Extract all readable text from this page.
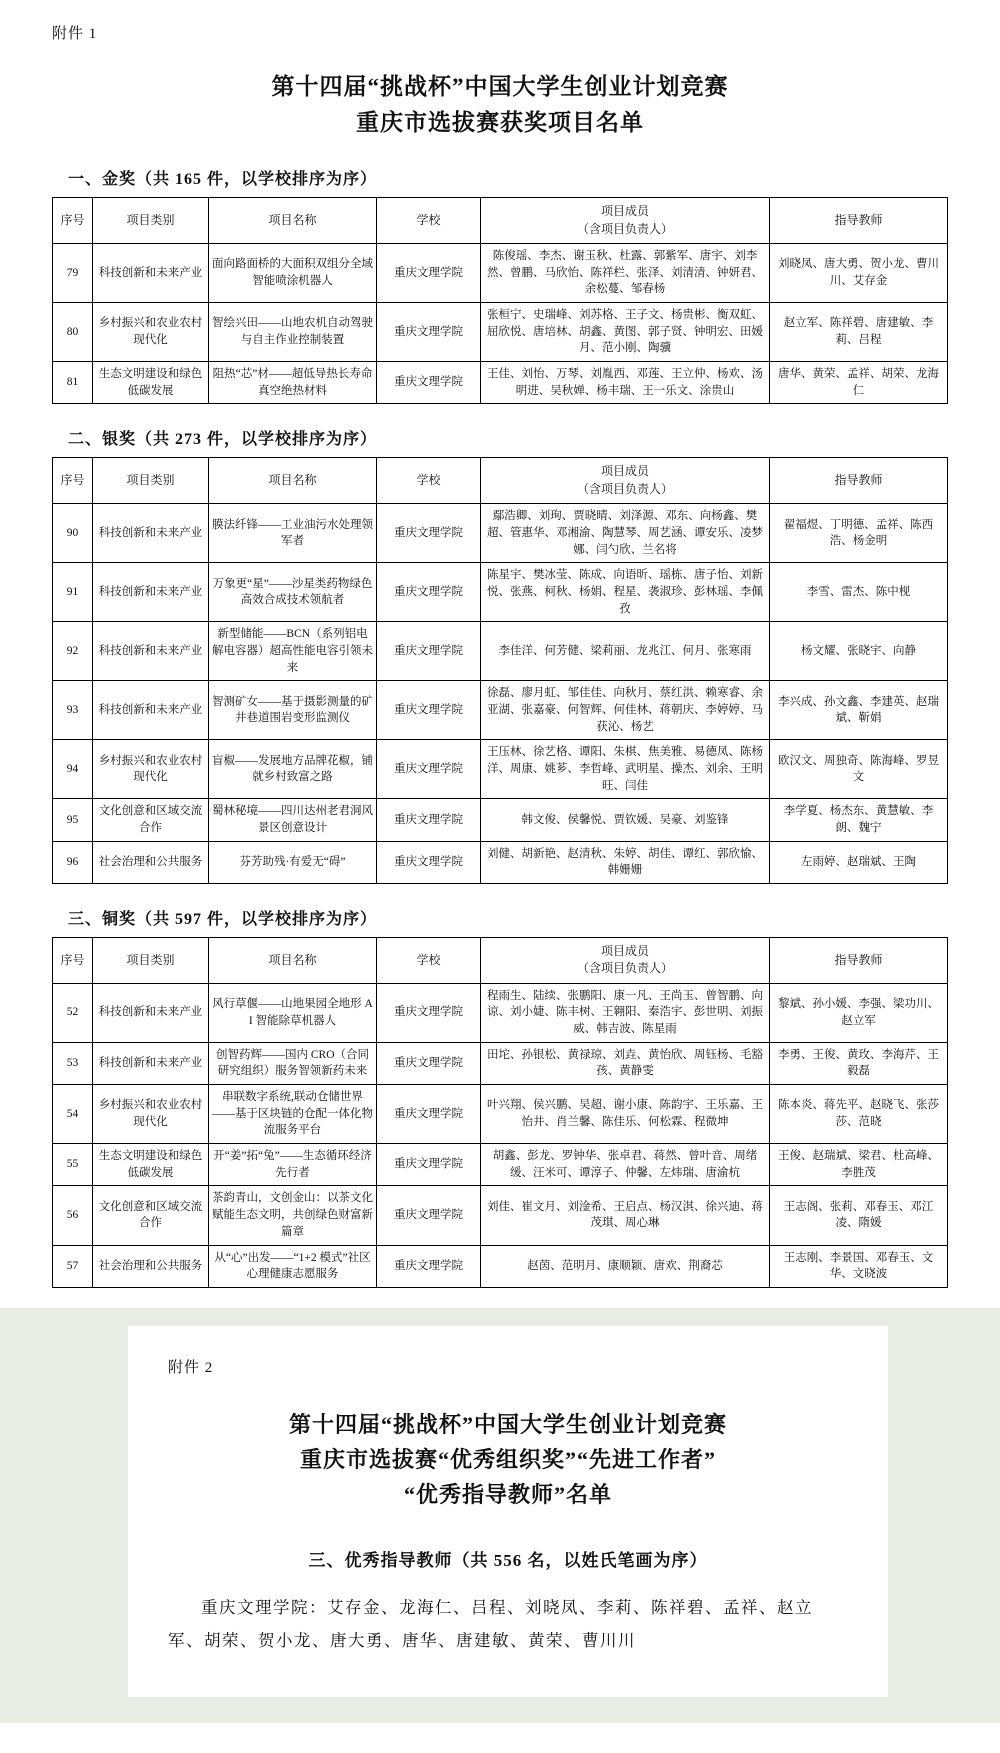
附件 1
第十四届“挑战杯”中国大学生创业计划竞赛
重庆市选拔赛获奖项目名单
一、金奖（共 165 件，以学校排序为序）
序号	项目类别	项目名称	学校	项目成员
（含项目负责人）	指导教师
79	科技创新和未来产业	面向路面桥的大面积双组分全域智能喷涂机器人	重庆文理学院	陈俊瑶、李杰、谢玉秋、杜露、郭紫军、唐宇、刘李然、曾鹏、马欣怡、陈祥栏、张泽、刘清清、钟妍君、余松蔓、邹春杨	刘晓凤、唐大勇、贺小龙、曹川川、艾存金
80	乡村振兴和农业农村现代化	智绘兴田——山地农机自动驾驶与自主作业控制装置	重庆文理学院	张桓宁、史瑞峰、刘苏格、王子文、杨贵彬、衡双虹、屈欣悦、唐培林、胡鑫、黄图、郭子贤、钟明宏、田媛月、范小刚、陶骥	赵立军、陈祥碧、唐建敏、李莉、吕程
81	生态文明建设和绿色低碳发展	阻热“芯”材——超低导热长寿命真空绝热材料	重庆文理学院	王佳、刘怡、万琴、刘胤西、邓莲、王立仲、杨欢、汤明进、吴秋婵、杨丰瑞、王一乐文、涂贵山	唐华、黄荣、孟祥、胡荣、龙海仁
二、银奖（共 273 件，以学校排序为序）
序号	项目类别	项目名称	学校	项目成员
（含项目负责人）	指导教师
90	科技创新和未来产业	膜法纤锋——工业油污水处理领军者	重庆文理学院	鄢浩卿、刘珣、贾晓晴、刘泽源、邓东、向杨鑫、樊超、管惠华、邓湘渝、陶慧琴、周艺涵、谭安乐、凌梦娜、闫勺欣、兰名将	翟福煜、丁明德、孟祥、陈西浩、杨金明
91	科技创新和未来产业	万象更“星”——沙星类药物绿色高效合成技术领航者	重庆文理学院	陈星宇、樊冰莹、陈成、向语昕、瑶栋、唐子怡、刘新悦、张燕、柯秋、杨娟、程星、袭淑珍、彭林瑶、李佩孜	李雪、雷杰、陈中枧
92	科技创新和未来产业	新型储能——BCN（系列铝电解电容器）超高性能电容引领未来	重庆文理学院	李佳洋、何芳健、梁莉丽、龙兆江、何月、张寒雨	杨文耀、张晓宇、向静
93	科技创新和未来产业	智测矿女——基于摄影测量的矿井巷道围岩变形监测仪	重庆文理学院	徐磊、廖月虹、邹佳佳、向秋月、蔡红洪、赖寒睿、余亚湖、张嘉豪、何智辉、何佳林、蒋朝庆、李婷婷、马获沁、杨艺	李兴成、孙文鑫、李建英、赵瑞斌、靳娟
94	乡村振兴和农业农村现代化	盲椒——发展地方品牌花椒，铺就乡村致富之路	重庆文理学院	王压林、徐艺格、谭阳、朱棋、焦美雅、易德凤、陈杨洋、周康、姚芗、李哲峰、武明星、操杰、刘余、王明旺、闫佳	欧汉文、周独奇、陈海峰、罗昱文
95	文化创意和区域交流合作	蜀林秘境——四川达州老君洞风景区创意设计	重庆文理学院	韩文俊、侯馨悦、贾钦媛、吴豪、刘鉴锋	李学夏、杨杰东、黄慧敏、李朗、魏宁
96	社会治理和公共服务	芬芳助残·有爱无“碍”	重庆文理学院	刘健、胡新艳、赵清秋、朱婷、胡佳、谭红、郭欣愉、韩姗姗	左雨婷、赵瑞斌、王陶
三、铜奖（共 597 件，以学校排序为序）
序号	项目类别	项目名称	学校	项目成员
（含项目负责人）	指导教师
52	科技创新和未来产业	风行草偃——山地果园全地形 AI 智能除草机器人	重庆文理学院	程雨生、陆续、张鹏阳、康一凡、王尚玉、曾智鹏、向谅、刘小婕、陈丰树、王翱阳、秦浩宇、彭世明、刘振威、韩吉波、陈星雨	黎斌、孙小媛、李强、梁功川、赵立军
53	科技创新和未来产业	创智药辉——国内 CRO（合同研究组织）服务智领新药未来	重庆文理学院	田坨、孙银松、黄禄琼、刘垚、黄怡欣、周钰杨、毛豁孩、黄静雯	李勇、王俊、黄玫、李海芹、王毅磊
54	乡村振兴和农业农村现代化	串联数字系统,联动仓储世界——基于区块链的仓配一体化物流服务平台	重庆文理学院	叶兴翔、侯兴鹏、吴超、谢小康、陈韵宇、王乐嘉、王怡井、肖兰馨、陈佳乐、何松霖、程微坤	陈本炎、蒋先平、赵晓飞、张莎莎、范晓
55	生态文明建设和绿色低碳发展	开“姜”拓“兔”——生态循环经济先行者	重庆文理学院	胡鑫、彭龙、罗钟华、张卓君、蒋然、曾叶音、周绪缓、汪米可、谭淳子、仲馨、左炜瑞、唐渝杭	王俊、赵瑞斌、梁君、杜高峰、李胜茂
56	文化创意和区域交流合作	茶韵青山，文创金山：以茶文化赋能生态文明，共创绿色财富新篇章	重庆文理学院	刘佳、崔文月、刘淦希、王启点、杨汉淇、徐兴迪、蒋茂琪、周心琳	王志阁、张莉、邓春玉、邓江凌、隋媛
57	社会治理和公共服务	从“心”出发——“1+2 模式”社区心理健康志愿服务	重庆文理学院	赵茵、范明月、康顺颖、唐欢、荆裔芯	王志刚、李景国、邓春玉、文华、文晓波
附件 2
第十四届“挑战杯”中国大学生创业计划竞赛
重庆市选拔赛“优秀组织奖”“先进工作者”
“优秀指导教师”名单
三、优秀指导教师（共 556 名，以姓氏笔画为序）

重庆文理学院：艾存金、龙海仁、吕程、刘晓凤、李莉、陈祥碧、孟祥、赵立军、胡荣、贺小龙、唐大勇、唐华、唐建敏、黄荣、曹川川
